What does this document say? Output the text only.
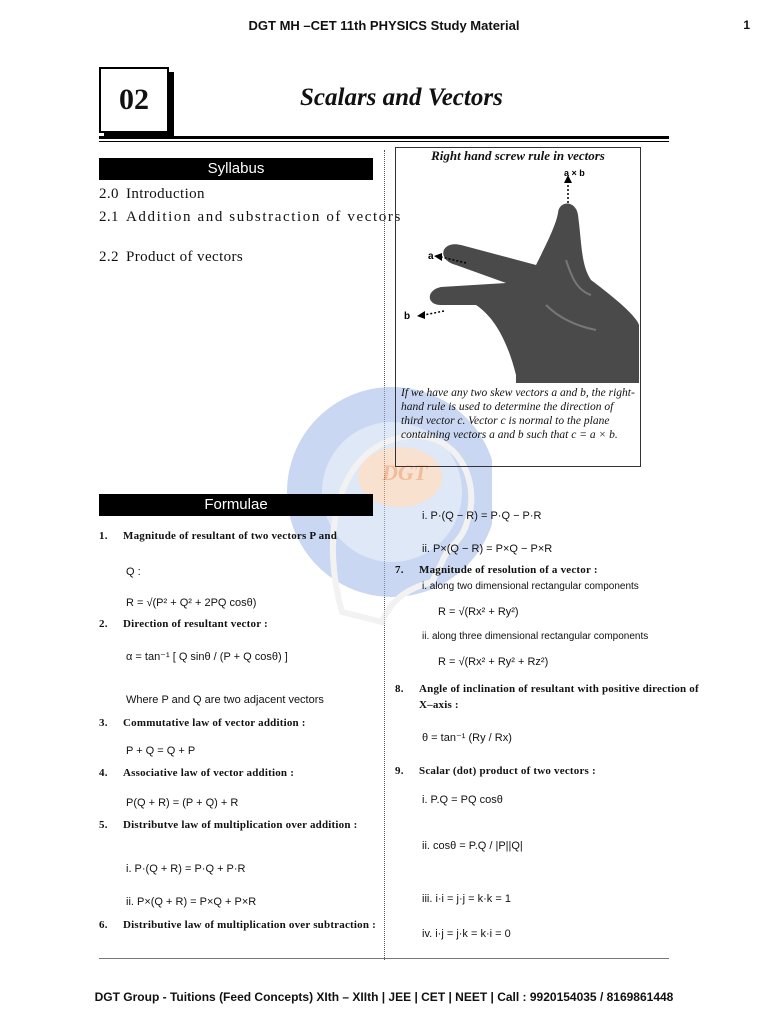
DGT MH –CET 11th PHYSICS Study Material	1
02	Scalars and Vectors
DGT
Syllabus
2.0 Introduction
2.1 Addition and substraction of vectors
2.2 Product of vectors
Right hand screw rule in vectors
a × b
a
b
If we have any two skew vectors a and b, the right-hand rule is used to determine the direction of third vector c. Vector c is normal to the plane containing vectors a and b such that c = a × b.
Formulae
1. Magnitude of resultant of two vectors P and
Q :
R = √(P² + Q² + 2PQ cosθ)
2. Direction of resultant vector :
α = tan⁻¹ [ Q sinθ / (P + Q cosθ) ]
Where P and Q are two adjacent vectors
3. Commutative law of vector addition :
P + Q = Q + P
4. Associative law of vector addition :
P(Q + R) = (P + Q) + R
5. Distributve law of multiplication over addition :
i. P·(Q + R) = P·Q + P·R
ii. P×(Q + R) = P×Q + P×R
6. Distributive law of multiplication over subtraction :
i. P·(Q − R) = P·Q − P·R
ii. P×(Q − R) = P×Q − P×R
7. Magnitude of resolution of a vector :
i. along two dimensional rectangular components
R = √(Rx² + Ry²)
ii. along three dimensional rectangular components
R = √(Rx² + Ry² + Rz²)
8. Angle of inclination of resultant with positive direction of X–axis :
θ = tan⁻¹ (Ry / Rx)
9. Scalar (dot) product of two vectors :
i. P.Q = PQ cosθ
ii. cosθ = P.Q / |P||Q|
iii. i·i = j·j = k·k = 1
iv. i·j = j·k = k·i = 0
DGT Group - Tuitions (Feed Concepts) XIth – XIIth | JEE | CET | NEET | Call : 9920154035 / 8169861448
